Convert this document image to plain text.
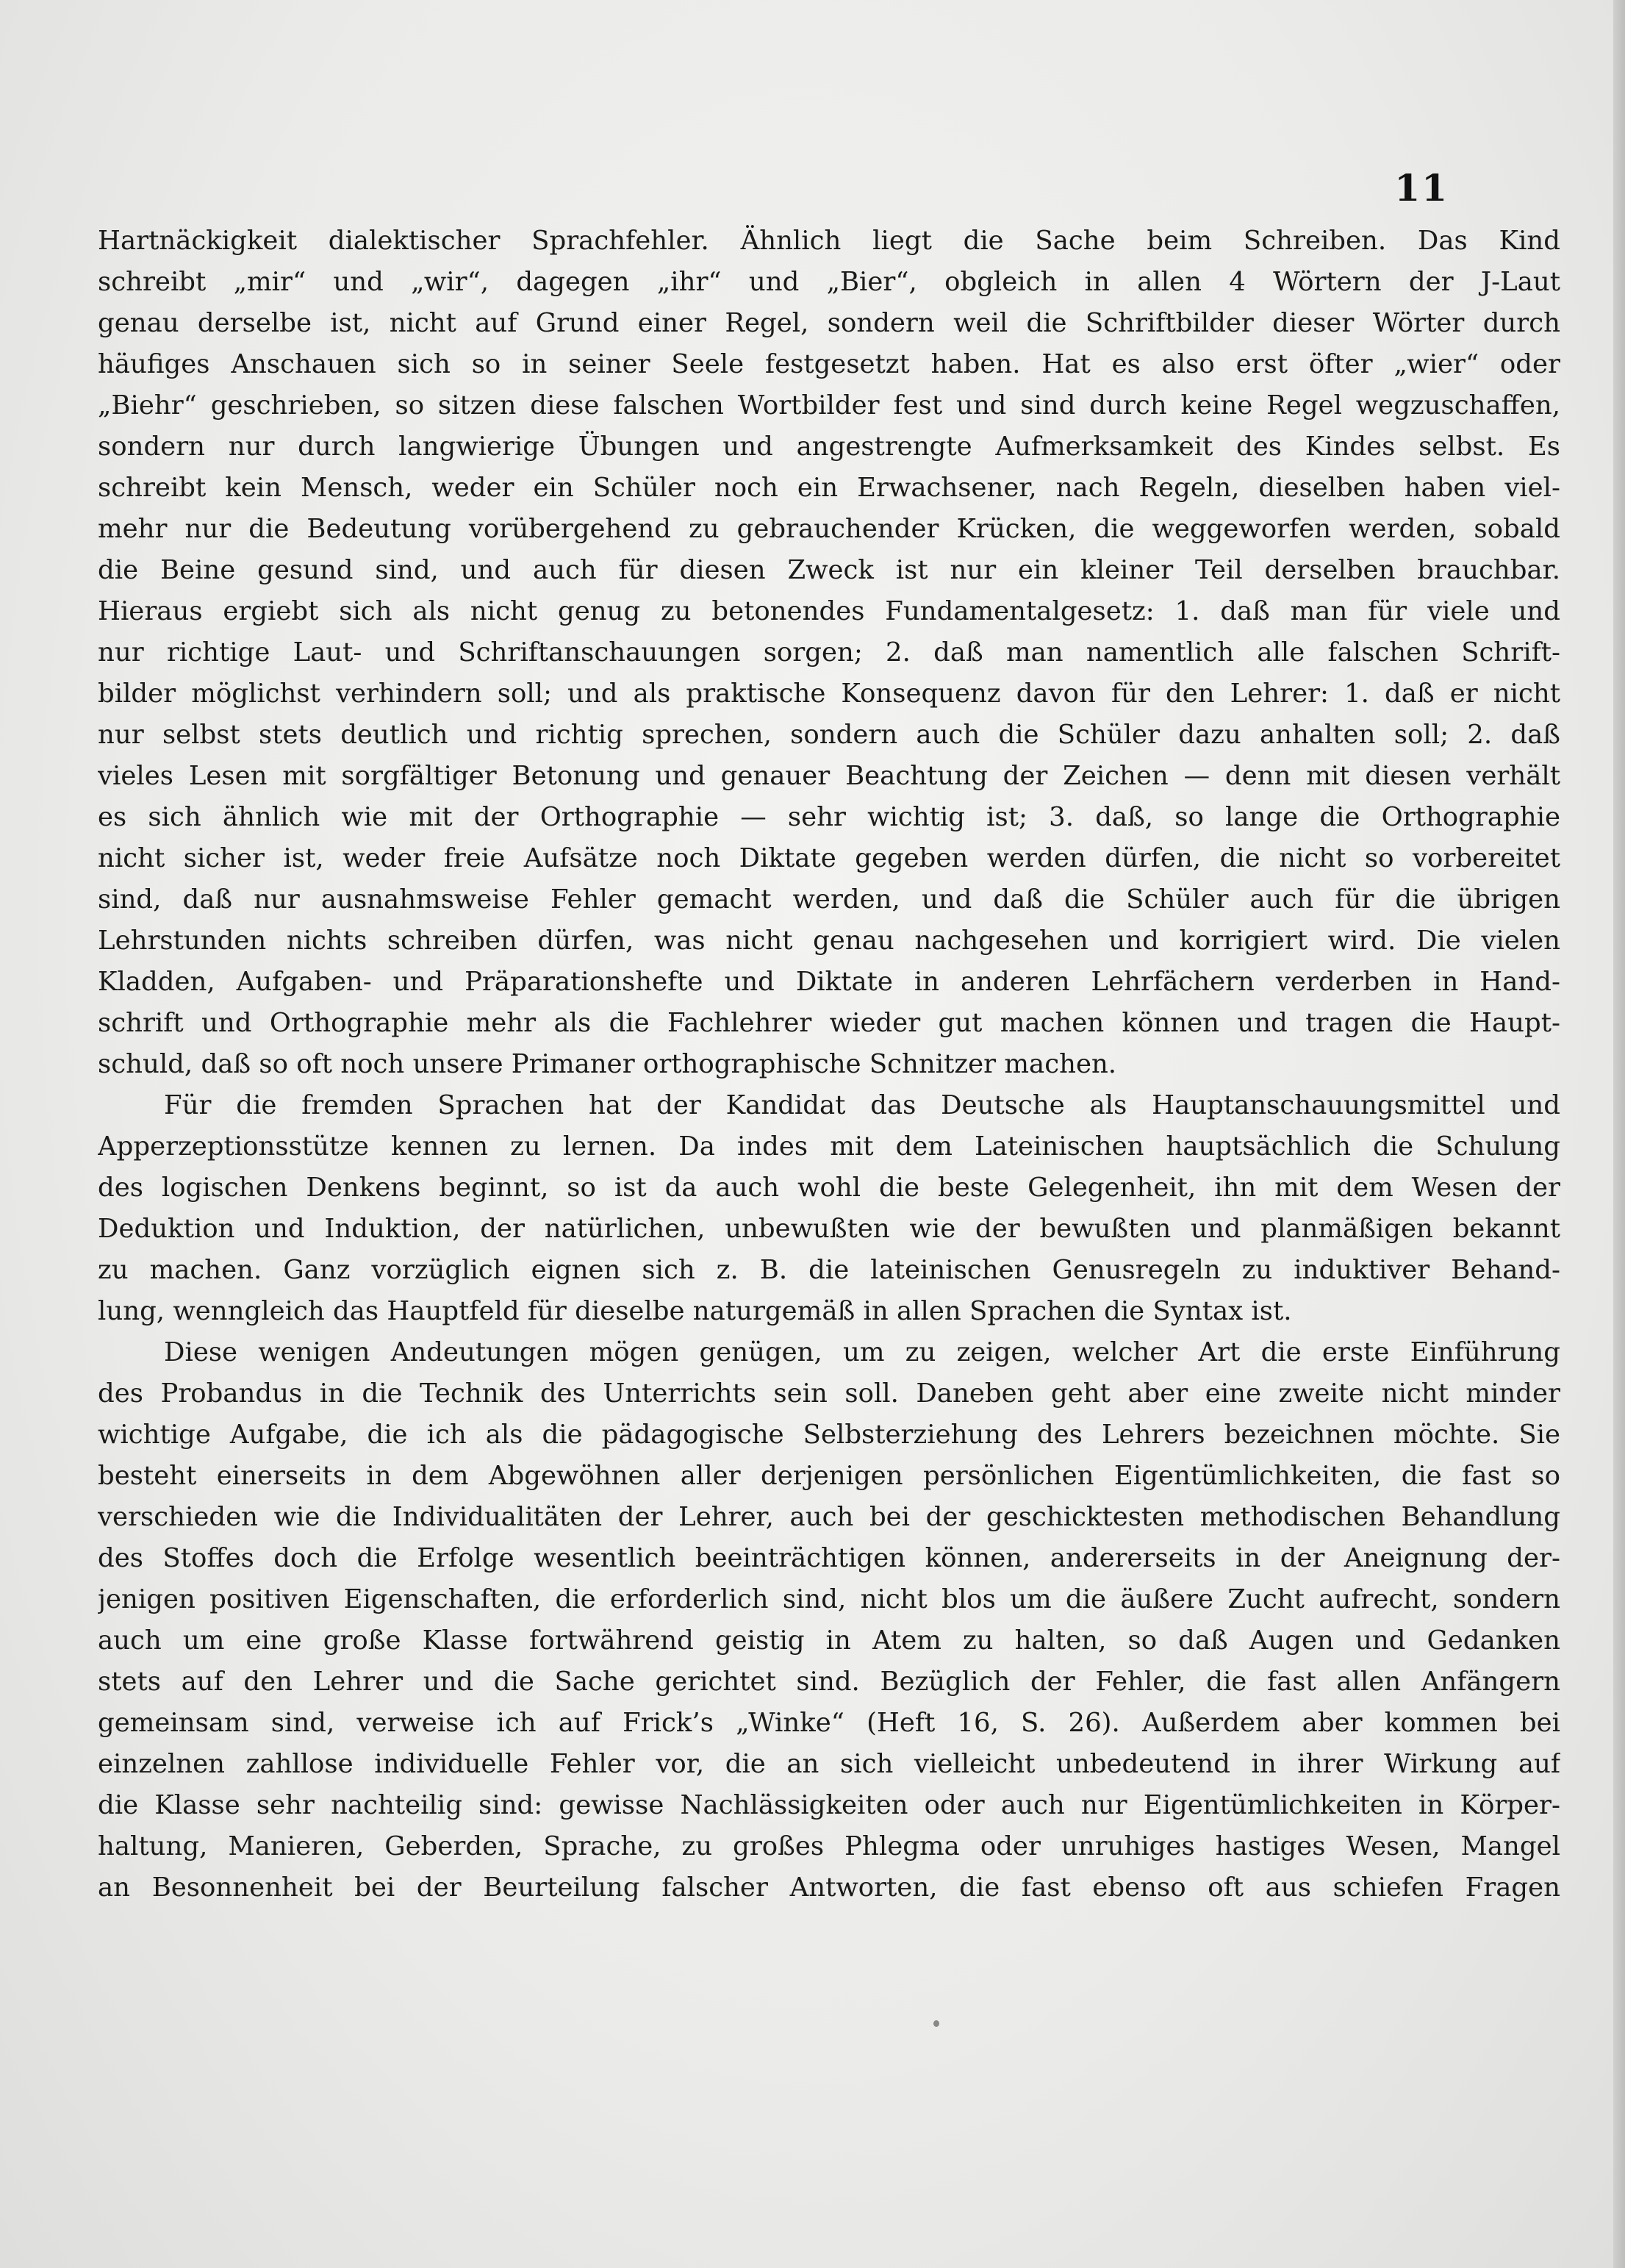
11
Hartnäckigkeit dialektischer Sprachfehler. Ähnlich liegt die Sache beim Schreiben. Das Kind
schreibt „mir“ und „wir“, dagegen „ihr“ und „Bier“, obgleich in allen 4 Wörtern der J-Laut
genau derselbe ist, nicht auf Grund einer Regel, sondern weil die Schriftbilder dieser Wörter durch
häufiges Anschauen sich so in seiner Seele festgesetzt haben. Hat es also erst öfter „wier“ oder
„Biehr“ geschrieben, so sitzen diese falschen Wortbilder fest und sind durch keine Regel wegzuschaffen,
sondern nur durch langwierige Übungen und angestrengte Aufmerksamkeit des Kindes selbst. Es
schreibt kein Mensch, weder ein Schüler noch ein Erwachsener, nach Regeln, dieselben haben viel-
mehr nur die Bedeutung vorübergehend zu gebrauchender Krücken, die weggeworfen werden, sobald
die Beine gesund sind, und auch für diesen Zweck ist nur ein kleiner Teil derselben brauchbar.
Hieraus ergiebt sich als nicht genug zu betonendes Fundamentalgesetz: 1. daß man für viele und
nur richtige Laut- und Schriftanschauungen sorgen; 2. daß man namentlich alle falschen Schrift-
bilder möglichst verhindern soll; und als praktische Konsequenz davon für den Lehrer: 1. daß er nicht
nur selbst stets deutlich und richtig sprechen, sondern auch die Schüler dazu anhalten soll; 2. daß
vieles Lesen mit sorgfältiger Betonung und genauer Beachtung der Zeichen — denn mit diesen verhält
es sich ähnlich wie mit der Orthographie — sehr wichtig ist; 3. daß, so lange die Orthographie
nicht sicher ist, weder freie Aufsätze noch Diktate gegeben werden dürfen, die nicht so vorbereitet
sind, daß nur ausnahmsweise Fehler gemacht werden, und daß die Schüler auch für die übrigen
Lehrstunden nichts schreiben dürfen, was nicht genau nachgesehen und korrigiert wird. Die vielen
Kladden, Aufgaben- und Präparationshefte und Diktate in anderen Lehrfächern verderben in Hand-
schrift und Orthographie mehr als die Fachlehrer wieder gut machen können und tragen die Haupt-
schuld, daß so oft noch unsere Primaner orthographische Schnitzer machen.
Für die fremden Sprachen hat der Kandidat das Deutsche als Hauptanschauungsmittel und
Apperzeptionsstütze kennen zu lernen. Da indes mit dem Lateinischen hauptsächlich die Schulung
des logischen Denkens beginnt, so ist da auch wohl die beste Gelegenheit, ihn mit dem Wesen der
Deduktion und Induktion, der natürlichen, unbewußten wie der bewußten und planmäßigen bekannt
zu machen. Ganz vorzüglich eignen sich z. B. die lateinischen Genusregeln zu induktiver Behand-
lung, wenngleich das Hauptfeld für dieselbe naturgemäß in allen Sprachen die Syntax ist.
Diese wenigen Andeutungen mögen genügen, um zu zeigen, welcher Art die erste Einführung
des Probandus in die Technik des Unterrichts sein soll. Daneben geht aber eine zweite nicht minder
wichtige Aufgabe, die ich als die pädagogische Selbsterziehung des Lehrers bezeichnen möchte. Sie
besteht einerseits in dem Abgewöhnen aller derjenigen persönlichen Eigentümlichkeiten, die fast so
verschieden wie die Individualitäten der Lehrer, auch bei der geschicktesten methodischen Behandlung
des Stoffes doch die Erfolge wesentlich beeinträchtigen können, andererseits in der Aneignung der-
jenigen positiven Eigenschaften, die erforderlich sind, nicht blos um die äußere Zucht aufrecht, sondern
auch um eine große Klasse fortwährend geistig in Atem zu halten, so daß Augen und Gedanken
stets auf den Lehrer und die Sache gerichtet sind. Bezüglich der Fehler, die fast allen Anfängern
gemeinsam sind, verweise ich auf Frick’s „Winke“ (Heft 16, S. 26). Außerdem aber kommen bei
einzelnen zahllose individuelle Fehler vor, die an sich vielleicht unbedeutend in ihrer Wirkung auf
die Klasse sehr nachteilig sind: gewisse Nachlässigkeiten oder auch nur Eigentümlichkeiten in Körper-
haltung, Manieren, Geberden, Sprache, zu großes Phlegma oder unruhiges hastiges Wesen, Mangel
an Besonnenheit bei der Beurteilung falscher Antworten, die fast ebenso oft aus schiefen Fragen
